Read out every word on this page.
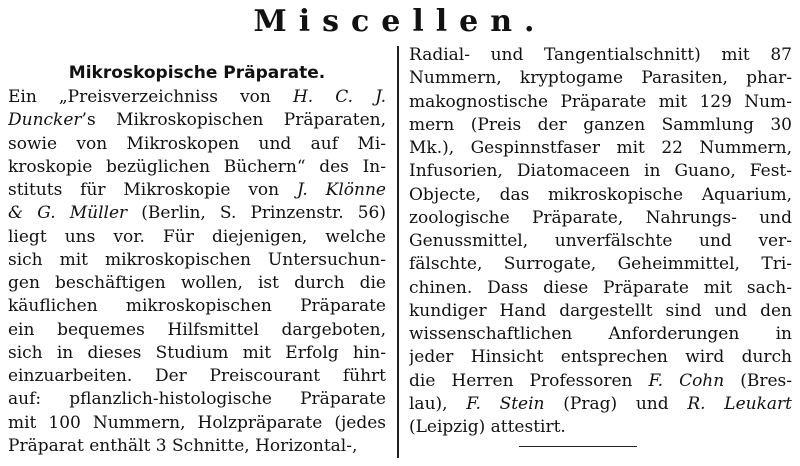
Miscellen.
Mikroskopische Präparate.
Ein „Preisverzeichniss von H. C. J.
Duncker’s Mikroskopischen Präparaten,
sowie von Mikroskopen und auf Mi-
kroskopie bezüglichen Büchern“ des In-
stituts für Mikroskopie von J. Klönne
& G. Müller (Berlin, S. Prinzenstr. 56)
liegt uns vor. Für diejenigen, welche
sich mit mikroskopischen Untersuchun-
gen beschäftigen wollen, ist durch die
käuflichen mikroskopischen Präparate
ein bequemes Hilfsmittel dargeboten,
sich in dieses Studium mit Erfolg hin-
einzuarbeiten. Der Preiscourant führt
auf: pflanzlich-histologische Präparate
mit 100 Nummern, Holzpräparate (jedes
Präparat enthält 3 Schnitte, Horizontal-,
Radial- und Tangentialschnitt) mit 87
Nummern, kryptogame Parasiten, phar-
makognostische Präparate mit 129 Num-
mern (Preis der ganzen Sammlung 30
Mk.), Gespinnstfaser mit 22 Nummern,
Infusorien, Diatomaceen in Guano, Fest-
Objecte, das mikroskopische Aquarium,
zoologische Präparate, Nahrungs- und
Genussmittel, unverfälschte und ver-
fälschte, Surrogate, Geheimmittel, Tri-
chinen. Dass diese Präparate mit sach-
kundiger Hand dargestellt sind und den
wissenschaftlichen Anforderungen in
jeder Hinsicht entsprechen wird durch
die Herren Professoren F. Cohn (Bres-
lau), F. Stein (Prag) und R. Leukart
(Leipzig) attestirt.
